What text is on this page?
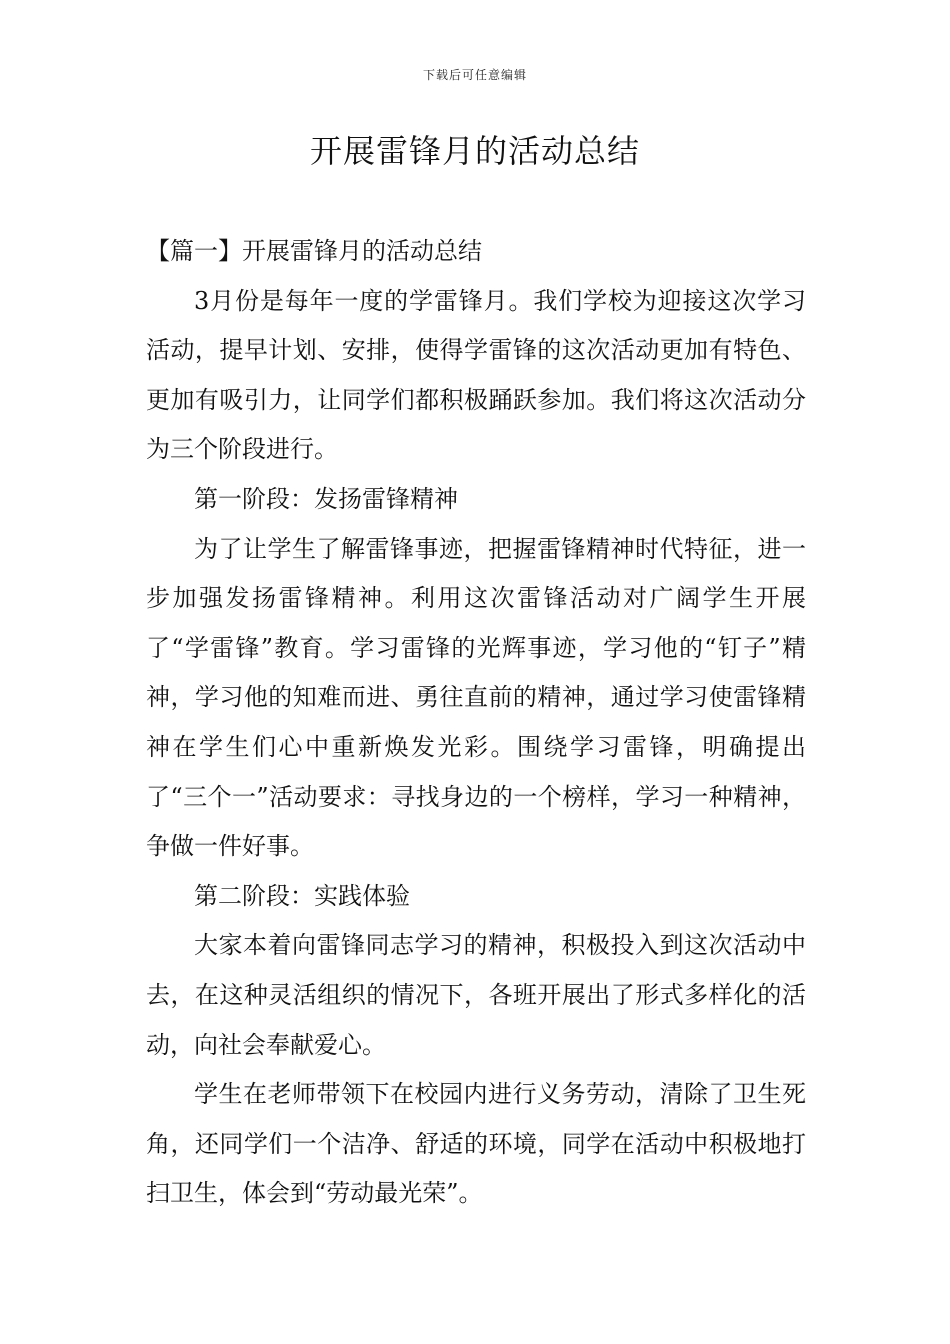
下载后可任意编辑
开展雷锋月的活动总结

【篇一】开展雷锋月的活动总结

3月份是每年一度的学雷锋月。我们学校为迎接这次学习活动，提早计划、安排，使得学雷锋的这次活动更加有特色、更加有吸引力，让同学们都积极踊跃参加。我们将这次活动分为三个阶段进行。

第一阶段：发扬雷锋精神

为了让学生了解雷锋事迹，把握雷锋精神时代特征，进一步加强发扬雷锋精神。利用这次雷锋活动对广阔学生开展了“学雷锋”教育。学习雷锋的光辉事迹，学习他的“钉子”精神，学习他的知难而进、勇往直前的精神，通过学习使雷锋精神在学生们心中重新焕发光彩。围绕学习雷锋，明确提出了“三个一”活动要求：寻找身边的一个榜样，学习一种精神，争做一件好事。

第二阶段：实践体验

大家本着向雷锋同志学习的精神，积极投入到这次活动中去，在这种灵活组织的情况下，各班开展出了形式多样化的活动，向社会奉献爱心。

学生在老师带领下在校园内进行义务劳动，清除了卫生死角，还同学们一个洁净、舒适的环境，同学在活动中积极地打扫卫生，体会到“劳动最光荣”。
